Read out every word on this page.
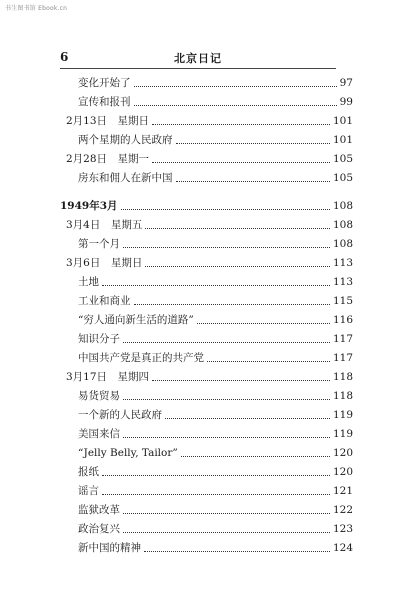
书生图书馆 Ebook.cn
6	北京日记
变化开始了	97
宣传和报刊	99
2月13日　星期日	101
两个星期的人民政府	101
2月28日　星期一	105
房东和佣人在新中国	105
1949年3月	108
3月4日　星期五	108
第一个月	108
3月6日　星期日	113
土地	113
工业和商业	115
“穷人通向新生活的道路”	116
知识分子	117
中国共产党是真正的共产党	117
3月17日　星期四	118
易货贸易	118
一个新的人民政府	119
美国来信	119
“Jelly Belly, Tailor”	120
报纸	120
谣言	121
监狱改革	122
政治复兴	123
新中国的精神	124
